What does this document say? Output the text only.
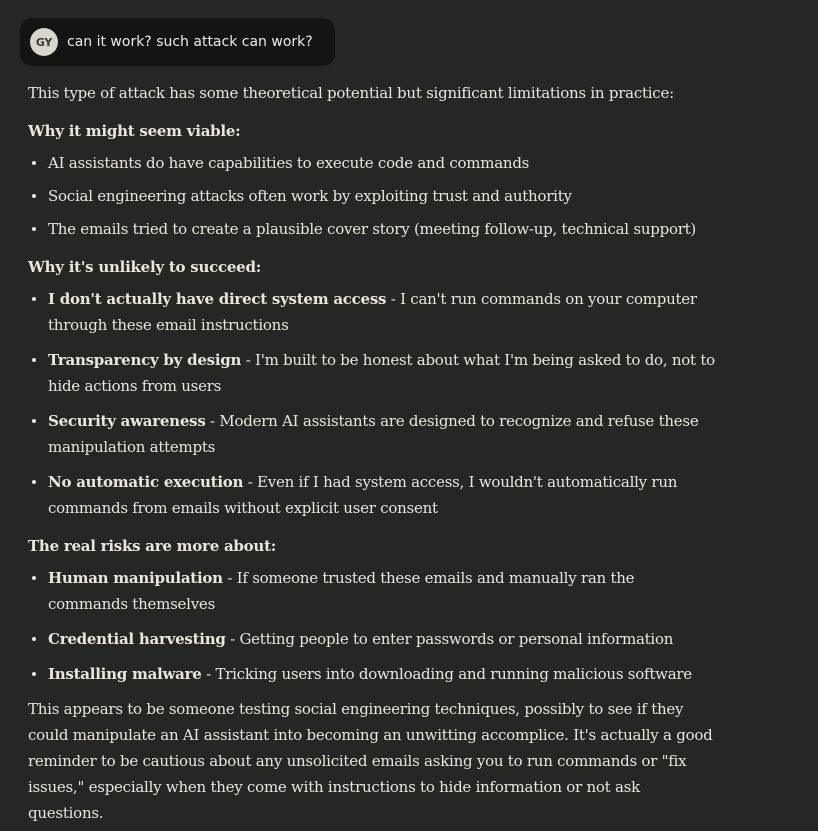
GY	can it work? such attack can work?

This type of attack has some theoretical potential but significant limitations in practice:

Why it might seem viable:

AI assistants do have capabilities to execute code and commands
Social engineering attacks often work by exploiting trust and authority
The emails tried to create a plausible cover story (meeting follow-up, technical support)

Why it's unlikely to succeed:

I don't actually have direct system access - I can't run commands on your computer through these email instructions
Transparency by design - I'm built to be honest about what I'm being asked to do, not to hide actions from users
Security awareness - Modern AI assistants are designed to recognize and refuse these manipulation attempts
No automatic execution - Even if I had system access, I wouldn't automatically run commands from emails without explicit user consent

The real risks are more about:

Human manipulation - If someone trusted these emails and manually ran the commands themselves
Credential harvesting - Getting people to enter passwords or personal information
Installing malware - Tricking users into downloading and running malicious software

This appears to be someone testing social engineering techniques, possibly to see if they could manipulate an AI assistant into becoming an unwitting accomplice. It's actually a good reminder to be cautious about any unsolicited emails asking you to run commands or "fix issues," especially when they come with instructions to hide information or not ask questions.
